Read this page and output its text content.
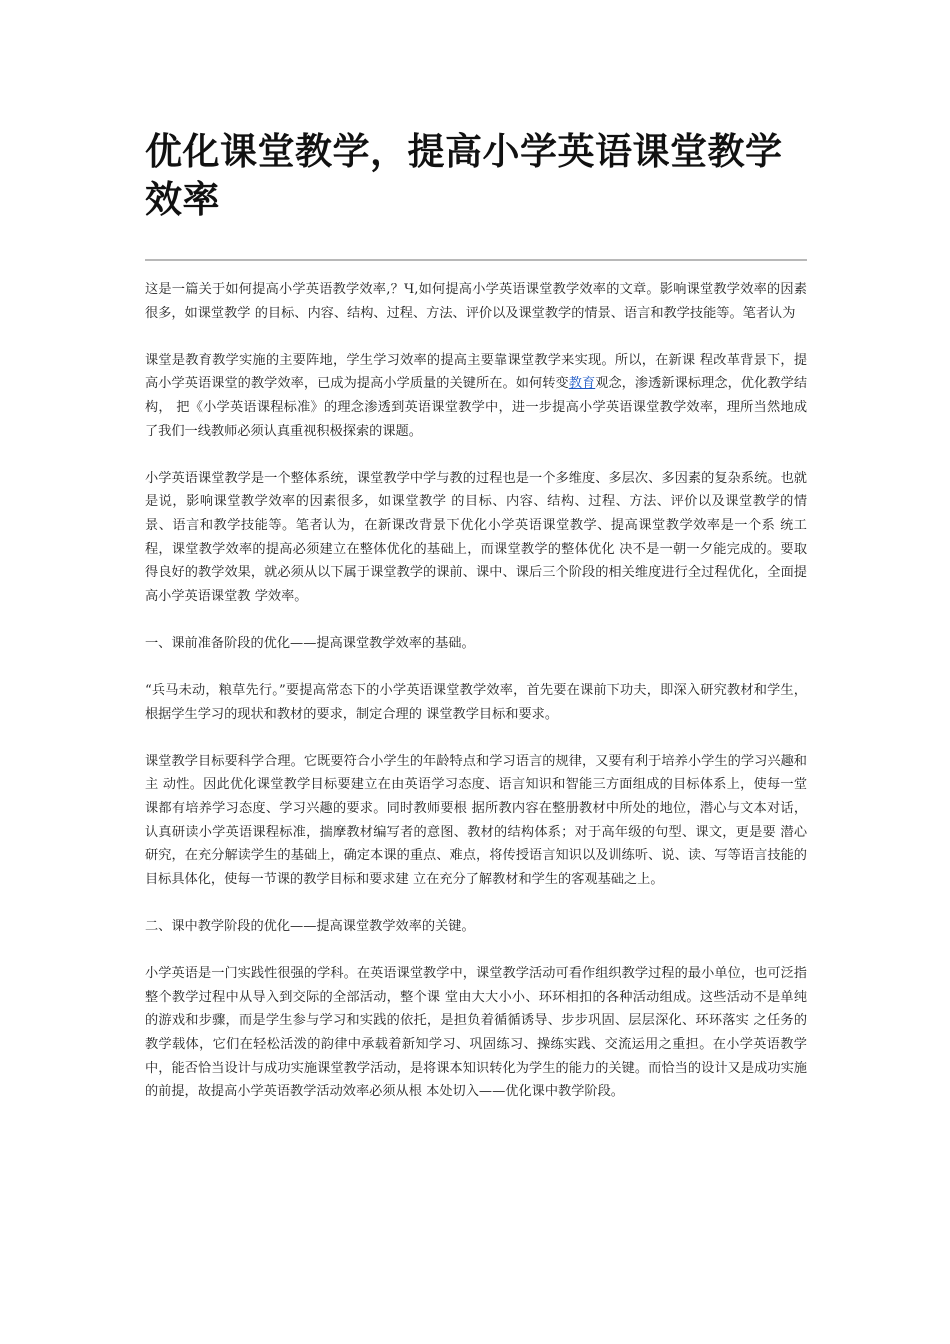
优化课堂教学，提高小学英语课堂教学效率

这是一篇关于如何提高小学英语教学效率,？Ч,如何提高小学英语课堂教学效率的文章。影响课堂教学效率的因素很多，如课堂教学 的目标、内容、结构、过程、方法、评价以及课堂教学的情景、语言和教学技能等。笔者认为

课堂是教育教学实施的主要阵地，学生学习效率的提高主要靠课堂教学来实现。所以，在新课 程改革背景下，提高小学英语课堂的教学效率，已成为提高小学质量的关键所在。如何转变教育观念，渗透新课标理念，优化教学结构， 把《小学英语课程标准》的理念渗透到英语课堂教学中，进一步提高小学英语课堂教学效率，理所当然地成了我们一线教师必须认真重视积极探索的课题。

小学英语课堂教学是一个整体系统，课堂教学中学与教的过程也是一个多维度、多层次、多因素的复杂系统。也就是说，影响课堂教学效率的因素很多，如课堂教学 的目标、内容、结构、过程、方法、评价以及课堂教学的情景、语言和教学技能等。笔者认为，在新课改背景下优化小学英语课堂教学、提高课堂教学效率是一个系 统工程，课堂教学效率的提高必须建立在整体优化的基础上，而课堂教学的整体优化 决不是一朝一夕能完成的。要取得良好的教学效果，就必须从以下属于课堂教学的课前、课中、课后三个阶段的相关维度进行全过程优化，全面提高小学英语课堂教 学效率。

一、课前准备阶段的优化——提高课堂教学效率的基础。

“兵马未动，粮草先行。”要提高常态下的小学英语课堂教学效率，首先要在课前下功夫，即深入研究教材和学生，根据学生学习的现状和教材的要求，制定合理的 课堂教学目标和要求。

课堂教学目标要科学合理。它既要符合小学生的年龄特点和学习语言的规律，又要有利于培养小学生的学习兴趣和主 动性。因此优化课堂教学目标要建立在由英语学习态度、语言知识和智能三方面组成的目标体系上，使每一堂课都有培养学习态度、学习兴趣的要求。同时教师要根 据所教内容在整册教材中所处的地位，潜心与文本对话，认真研读小学英语课程标准，揣摩教材编写者的意图、教材的结构体系；对于高年级的句型、课文，更是要 潜心研究，在充分解读学生的基础上，确定本课的重点、难点，将传授语言知识以及训练听、说、读、写等语言技能的目标具体化，使每一节课的教学目标和要求建 立在充分了解教材和学生的客观基础之上。

二、课中教学阶段的优化——提高课堂教学效率的关键。

小学英语是一门实践性很强的学科。在英语课堂教学中，课堂教学活动可看作组织教学过程的最小单位，也可泛指整个教学过程中从导入到交际的全部活动，整个课 堂由大大小小、环环相扣的各种活动组成。这些活动不是单纯的游戏和步骤，而是学生参与学习和实践的依托，是担负着循循诱导、步步巩固、层层深化、环环落实 之任务的教学载体，它们在轻松活泼的韵律中承载着新知学习、巩固练习、操练实践、交流运用之重担。在小学英语教学中，能否恰当设计与成功实施课堂教学活动，是将课本知识转化为学生的能力的关键。而恰当的设计又是成功实施的前提，故提高小学英语教学活动效率必须从根 本处切入——优化课中教学阶段。
